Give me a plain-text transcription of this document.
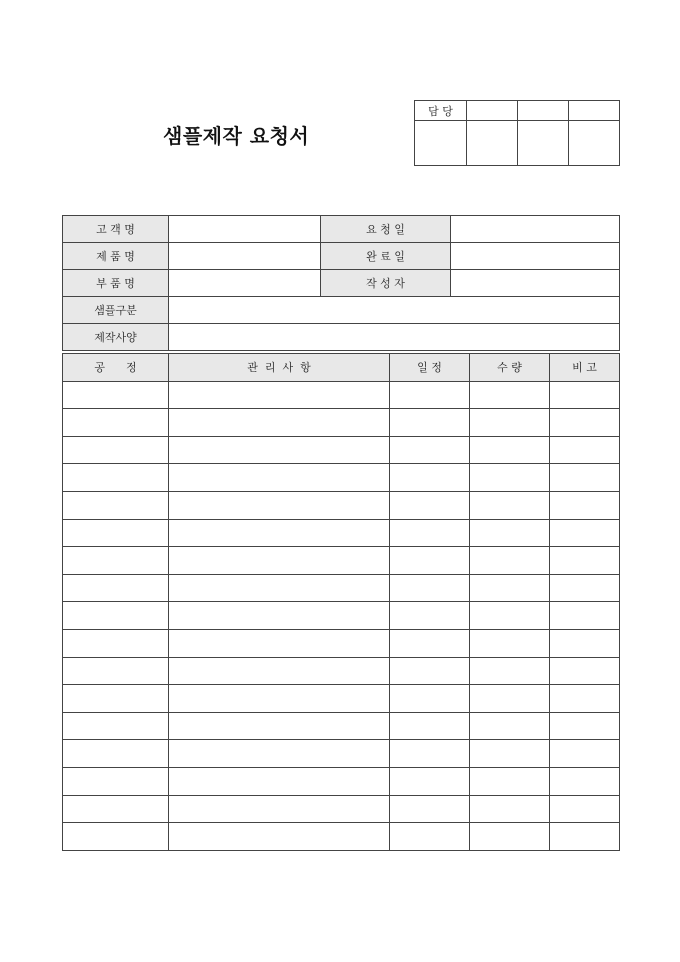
샘플제작 요청서
담 당			

고 객 명		요 청 일	
제 품 명		완 료 일	
부 품 명		작 성 자	
샘플구분			
제작사양			
공      정	관  리  사  항	일 정	수 량	비 고
